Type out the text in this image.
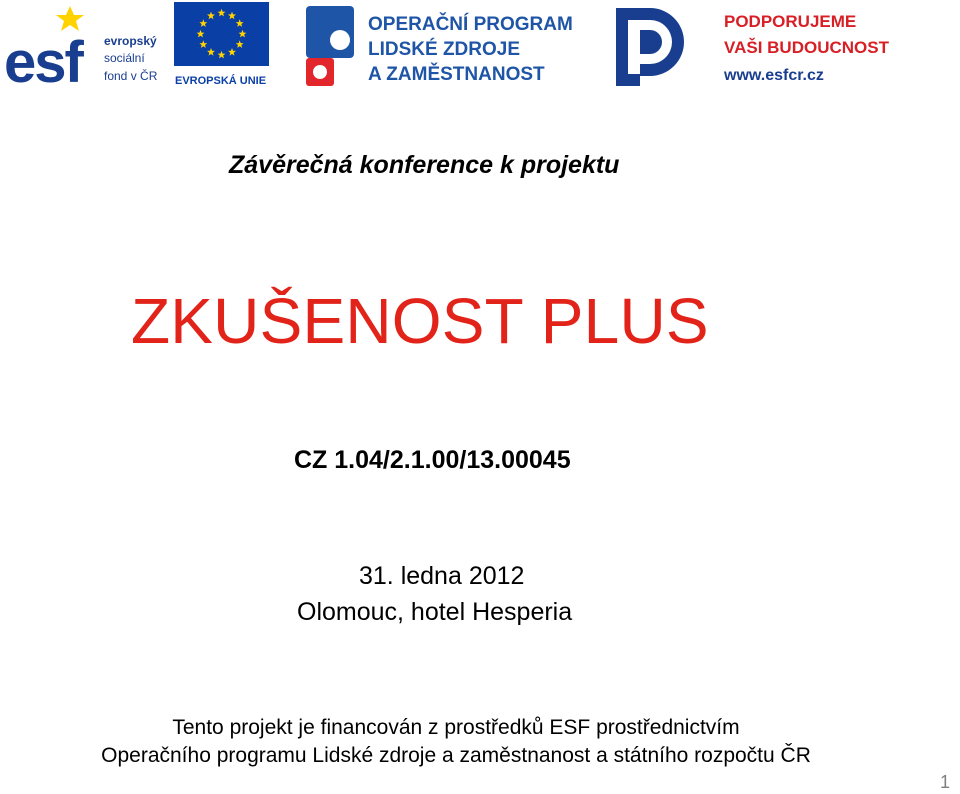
esf evropský
sociální
fond v ČR EVROPSKÁ UNIE
OPERAČNÍ PROGRAM
LIDSKÉ ZDROJE
A ZAMĚSTNANOST
PODPORUJEME
VAŠI BUDOUCNOST
www.esfcr.cz

Závěrečná konference k projektu

ZKUŠENOST PLUS

CZ 1.04/2.1.00/13.00045

31. ledna 2012

Olomouc, hotel Hesperia

Tento projekt je financován z prostředků ESF prostřednictvím

Operačního programu Lidské zdroje a zaměstnanost a státního rozpočtu ČR

1
